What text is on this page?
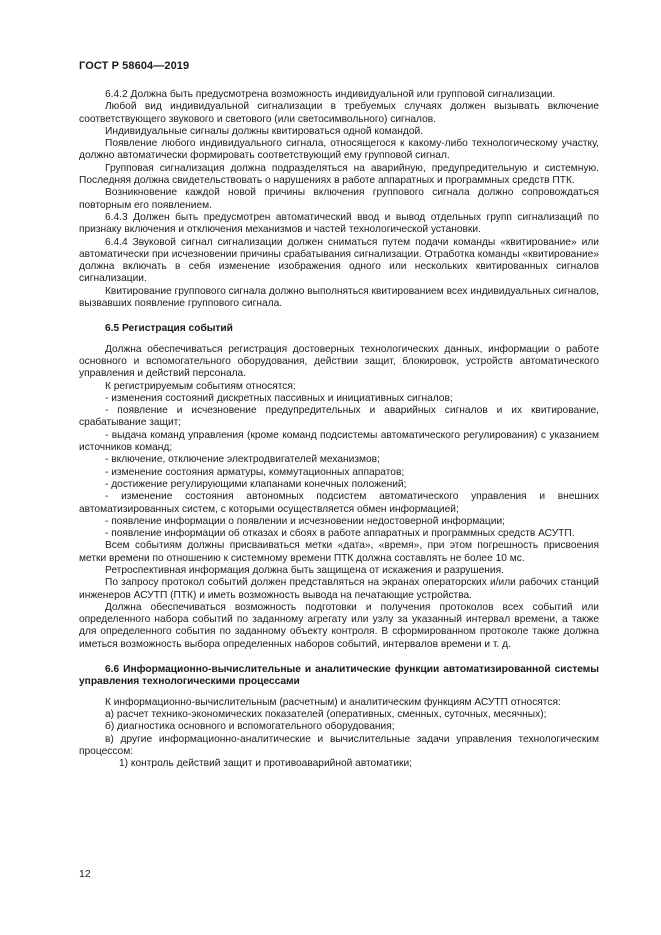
ГОСТ Р 58604—2019

6.4.2 Должна быть предусмотрена возможность индивидуальной или групповой сигнализации.

Любой вид индивидуальной сигнализации в требуемых случаях должен вызывать включение соответствующего звукового и светового (или светосимвольного) сигналов.

Индивидуальные сигналы должны квитироваться одной командой.

Появление любого индивидуального сигнала, относящегося к какому-либо технологическому участку, должно автоматически формировать соответствующий ему групповой сигнал.

Групповая сигнализация должна подразделяться на аварийную, предупредительную и системную. Последняя должна свидетельствовать о нарушениях в работе аппаратных и программных средств ПТК.

Возникновение каждой новой причины включения группового сигнала должно сопровождаться повторным его появлением.

6.4.3 Должен быть предусмотрен автоматический ввод и вывод отдельных групп сигнализаций по признаку включения и отключения механизмов и частей технологической установки.

6.4.4 Звуковой сигнал сигнализации должен сниматься путем подачи команды «квитирование» или автоматически при исчезновении причины срабатывания сигнализации. Отработка команды «квитирование» должна включать в себя изменение изображения одного или нескольких квитированных сигналов сигнализации.

Квитирование группового сигнала должно выполняться квитированием всех индивидуальных сигналов, вызвавших появление группового сигнала.

6.5 Регистрация событий

Должна обеспечиваться регистрация достоверных технологических данных, информации о работе основного и вспомогательного оборудования, действии защит, блокировок, устройств автоматического управления и действий персонала.

К регистрируемым событиям относятся:

- изменения состояний дискретных пассивных и инициативных сигналов;

- появление и исчезновение предупредительных и аварийных сигналов и их квитирование, срабатывание защит;

- выдача команд управления (кроме команд подсистемы автоматического регулирования) с указанием источников команд;

- включение, отключение электродвигателей механизмов;

- изменение состояния арматуры, коммутационных аппаратов;

- достижение регулирующими клапанами конечных положений;

- изменение состояния автономных подсистем автоматического управления и внешних автоматизированных систем, с которыми осуществляется обмен информацией;

- появление информации о появлении и исчезновении недостоверной информации;

- появление информации об отказах и сбоях в работе аппаратных и программных средств АСУТП.

Всем событиям должны присваиваться метки «дата», «время», при этом погрешность присвоения метки времени по отношению к системному времени ПТК должна составлять не более 10 мс.

Ретроспективная информация должна быть защищена от искажения и разрушения.

По запросу протокол событий должен представляться на экранах операторских и/или рабочих станций инженеров АСУТП (ПТК) и иметь возможность вывода на печатающие устройства.

Должна обеспечиваться возможность подготовки и получения протоколов всех событий или определенного набора событий по заданному агрегату или узлу за указанный интервал времени, а также для определенного события по заданному объекту контроля. В сформированном протоколе также должна иметься возможность выбора определенных наборов событий, интервалов времени и т. д.

6.6 Информационно-вычислительные и аналитические функции автоматизированной системы управления технологическими процессами

К информационно-вычислительным (расчетным) и аналитическим функциям АСУТП относятся:

а) расчет технико-экономических показателей (оперативных, сменных, суточных, месячных);

б) диагностика основного и вспомогательного оборудования;

в) другие информационно-аналитические и вычислительные задачи управления технологическим процессом:

1) контроль действий защит и противоаварийной автоматики;

12
